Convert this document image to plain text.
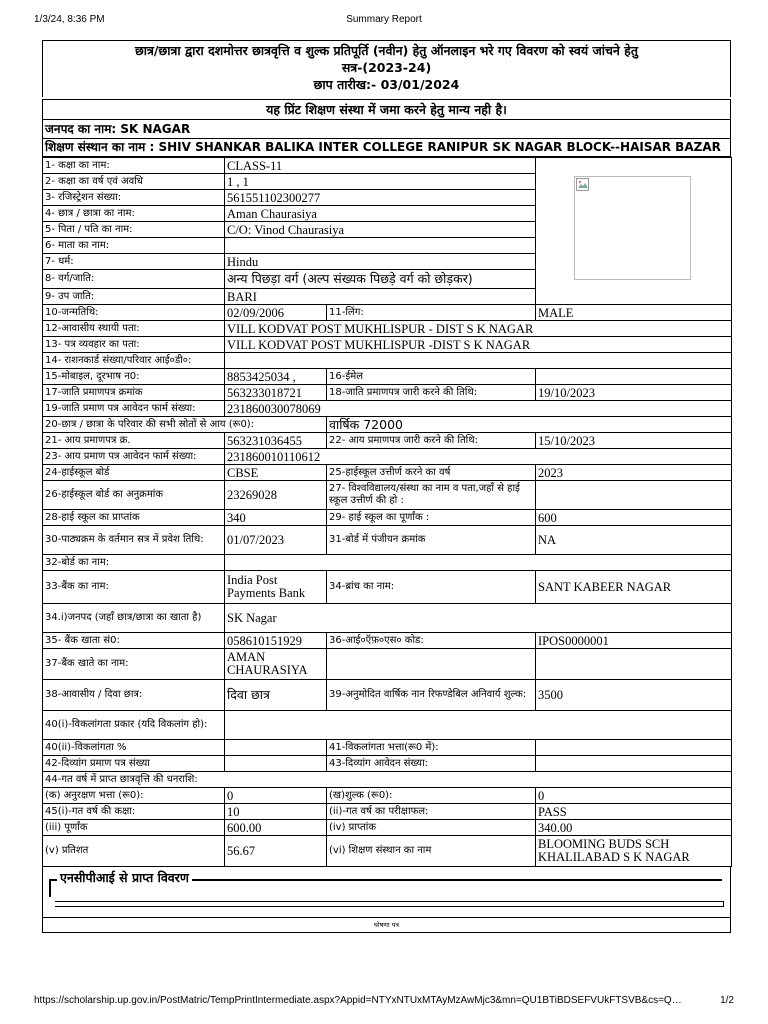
1/3/24, 8:36 PM	Summary Report
छात्र/छात्रा द्वारा दशमोत्तर छात्रवृत्ति व शुल्क प्रतिपूर्ति (नवीन) हेतु ऑनलाइन भरे गए विवरण को स्वयं जांचने हेतु
सत्र-(2023-24)
छाप तारीख:- 03/01/2024
यह प्रिंट शिक्षण संस्था में जमा करने हेतु मान्य नही है।
जनपद का नाम: SK NAGAR
शिक्षण संस्थान का नाम : SHIV SHANKAR BALIKA INTER COLLEGE RANIPUR SK NAGAR BLOCK--HAISAR BAZAR
1- कक्षा का नाम:	CLASS-11	

2- कक्षा का वर्ष एवं अवधि	1 , 1		
3- रजिस्ट्रेशन संख्या:	561551102300277		
4- छात्र / छात्रा का नाम:	Aman Chaurasiya		
5- पिता / पति का नाम:	C/O: Vinod Chaurasiya		
6- माता का नाम:			
7- धर्म:	Hindu		
8- वर्ग/जाति:	अन्य पिछड़ा वर्ग (अल्प संख्यक पिछड़े वर्ग को छोड़कर)		
9- उप जाति:	BARI		
10-जन्मतिथि:	02/09/2006	11-लिंग:	MALE
12-आवासीय स्थायी पता:	VILL KODVAT POST MUKHLISPUR - DIST S K NAGAR		
13- पत्र व्यवहार का पता:	VILL KODVAT POST MUKHLISPUR -DIST S K NAGAR		
14- राशनकार्ड संख्या/परिवार आई०डी०:			
15-मोबाइल, दूरभाष न0:	8853425034 ,	16-ईमेल	
17-जाति प्रमाणपत्र क्रमांक	563233018721	18-जाति प्रमाणपत्र जारी करने की तिथि:	19/10/2023
19-जाति प्रमाण पत्र आवेदन फार्म संख्या:	231860030078069		
20-छात्र / छात्रा के परिवार की सभी स्रोतों से आय (रू0):		वार्षिक 72000	
21- आय प्रमाणपत्र क्र.	563231036455	22- आय प्रमाणपत्र जारी करने की तिथि:	15/10/2023
23- आय प्रमाण पत्र आवेदन फार्म संख्या:	231860010110612		
24-हाईस्कूल बोर्ड	CBSE	25-हाईस्कूल उत्तीर्ण करने का वर्ष	2023
26-हाईस्कूल बोर्ड का अनुक्रमांक	23269028	27- विश्वविद्यालय/संस्था का नाम व पता,जहाँ से हाई स्कूल उत्तीर्ण की हो :	
28-हाई स्कूल का प्राप्तांक	340	29- हाई स्कूल का पूर्णांक :	600
30-पाठ्यक्रम के वर्तमान सत्र में प्रवेश तिथि:	01/07/2023	31-बोर्ड में पंजीयन क्रमांक	NA
32-बोर्ड का नाम:			
33-बैंक का नाम:	India Post Payments Bank	34-ब्रांच का नाम:	SANT KABEER NAGAR
34.i)जनपद (जहाँ छात्र/छात्रा का खाता है)	SK Nagar		
35- बैंक खाता सं0:	058610151929	36-आई०ऍफ़०एस० कोड:	IPOS0000001
37-बैंक खाते का नाम:	AMAN CHAURASIYA		
38-आवासीय / दिवा छात्र:	दिवा छात्र	39-अनुमोदित वार्षिक नान रिफण्डेबिल अनिवार्य शुल्क:	3500
40(i)-विकलांगता प्रकार (यदि विकलांग हो):			
40(ii)-विकलांगता %		41-विकलांगता भत्ता(रू0 में):	
42-दिव्यांग प्रमाण पत्र संख्या		43-दिव्यांग आवेदन संख्या:	
44-गत वर्ष में प्राप्त छात्रवृत्ति की धनराशि:			
(क) अनुरक्षण भत्ता (रू0):	0	(ख)शुल्क (रू0):	0
45(i)-गत वर्ष की कक्षा:	10	(ii)-गत वर्ष का परीक्षाफल:	PASS
(iii) पूर्णांक	600.00	(iv) प्राप्तांक	340.00
(v) प्रतिशत	56.67	(vi) शिक्षण संस्थान का नाम	BLOOMING BUDS SCH KHALILABAD S K NAGAR
एनसीपीआई से प्राप्त विवरण
घोषणा पत्र
https://scholarship.up.gov.in/PostMatric/TempPrintIntermediate.aspx?Appid=NTYxNTUxMTAyMzAwMjc3&mn=QU1BTiBDSEFVUkFTSVB&cs=Q…	1/2
